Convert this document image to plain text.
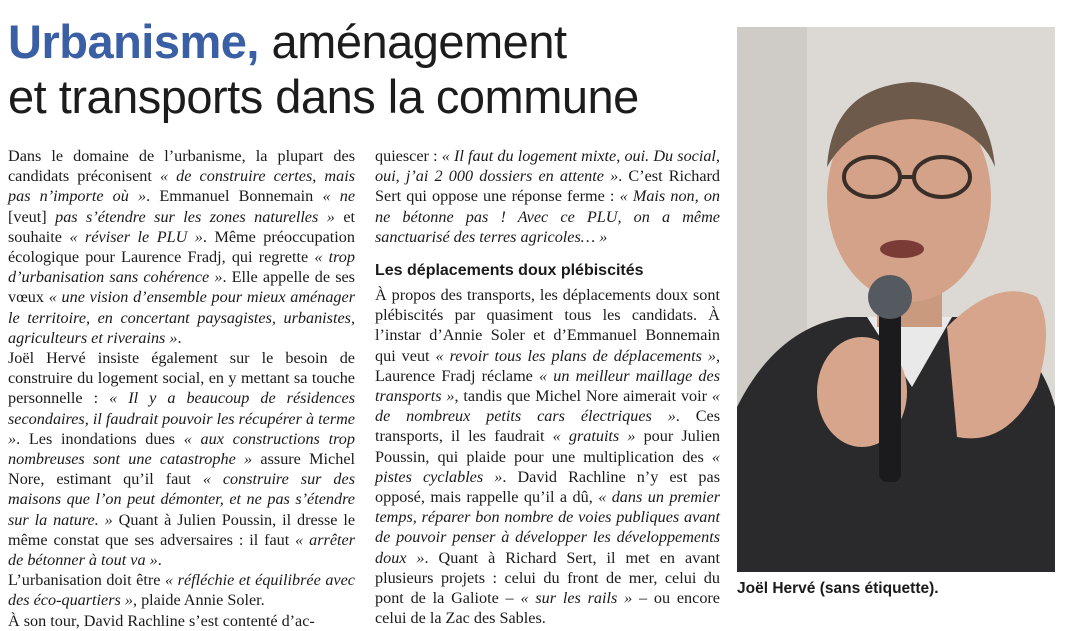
Urbanisme, aménagement
et transports dans la commune

Dans le domaine de l’urbanisme, la plupart des candidats préconisent « de construire certes, mais pas n’importe où ». Emmanuel Bonnemain « ne [veut] pas s’étendre sur les zones naturelles » et souhaite « réviser le PLU ». Même préoccupation écologique pour Laurence Fradj, qui regrette « trop d’urbanisation sans cohérence ». Elle appelle de ses vœux « une vision d’ensemble pour mieux aménager le territoire, en concertant paysagistes, urbanistes, agriculteurs et riverains ».

Joël Hervé insiste également sur le besoin de construire du logement social, en y mettant sa touche personnelle : « Il y a beaucoup de résidences secondaires, il faudrait pouvoir les récupérer à terme ». Les inondations dues « aux constructions trop nombreuses sont une catastrophe » assure Michel Nore, estimant qu’il faut « construire sur des maisons que l’on peut démonter, et ne pas s’étendre sur la nature. » Quant à Julien Poussin, il dresse le même constat que ses adversaires : il faut « arrêter de bétonner à tout va ».

L’urbanisation doit être « réfléchie et équilibrée avec des éco-quartiers », plaide Annie Soler.

À son tour, David Rachline s’est contenté d’ac-

quiescer : « Il faut du logement mixte, oui. Du social, oui, j’ai 2 000 dossiers en attente ». C’est Richard Sert qui oppose une réponse ferme : « Mais non, on ne bétonne pas ! Avec ce PLU, on a même sanctuarisé des terres agricoles… »

Les déplacements doux plébiscités

À propos des transports, les déplacements doux sont plébiscités par quasiment tous les candidats. À l’instar d’Annie Soler et d’Emmanuel Bonnemain qui veut « revoir tous les plans de déplacements », Laurence Fradj réclame « un meilleur maillage des transports », tandis que Michel Nore aimerait voir « de nombreux petits cars électriques ». Ces transports, il les faudrait « gratuits » pour Julien Poussin, qui plaide pour une multiplication des « pistes cyclables ». David Rachline n’y est pas opposé, mais rappelle qu’il a dû, « dans un premier temps, réparer bon nombre de voies publiques avant de pouvoir penser à développer les développements doux ». Quant à Richard Sert, il met en avant plusieurs projets : celui du front de mer, celui du pont de la Galiote – « sur les rails » – ou encore celui de la Zac des Sables.

Joël Hervé (sans étiquette).
